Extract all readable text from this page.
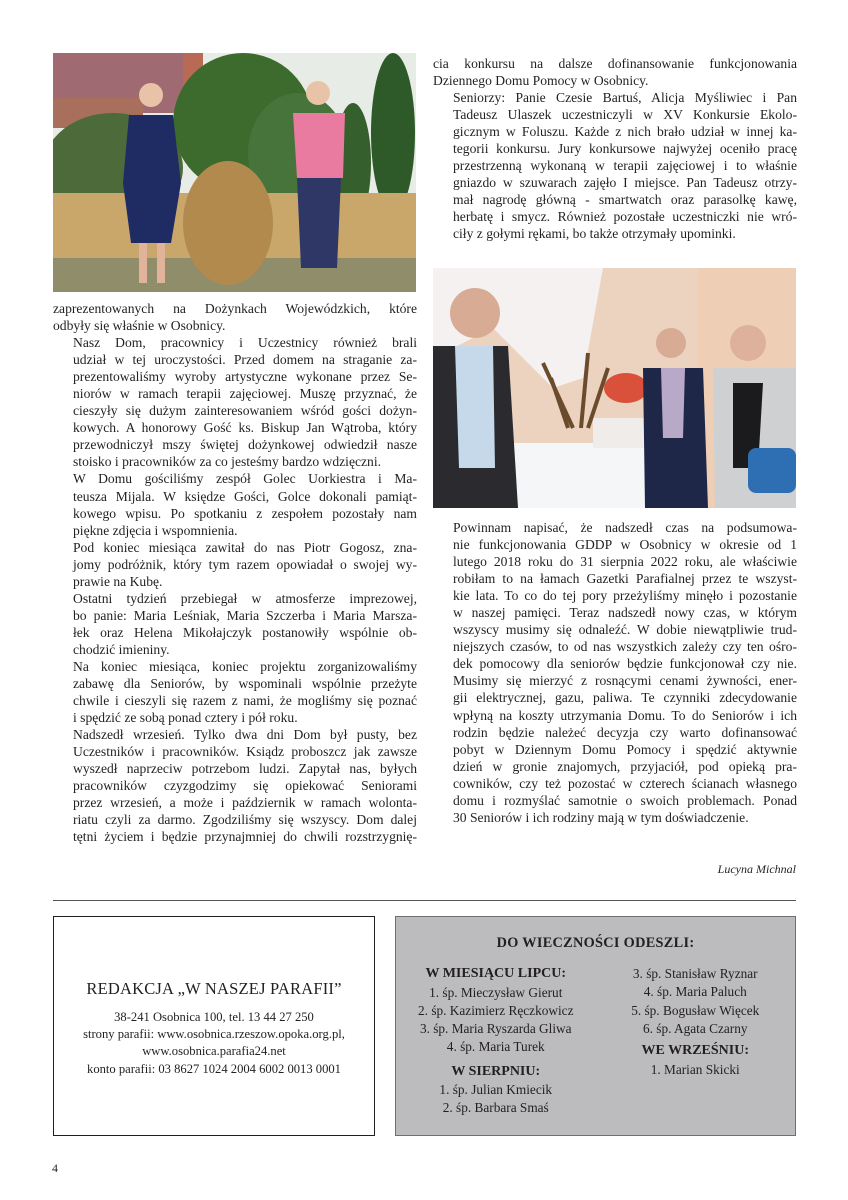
cia konkursu na dalsze dofinansowanie funkcjonowania
Dziennego Domu Pomocy w Osobnicy.

Seniorzy: Panie Czesie Bartuś, Alicja Myśliwiec i Pan
Tadeusz Ulaszek uczestniczyli w XV Konkursie Ekolo-
gicznym w Foluszu. Każde z nich brało udział w innej ka-
tegorii konkursu. Jury konkursowe najwyżej oceniło pracę
przestrzenną wykonaną w terapii zajęciowej i to właśnie
gniazdo w szuwarach zajęło I miejsce. Pan Tadeusz otrzy-
mał nagrodę główną - smartwatch oraz parasolkę kawę,
herbatę i smycz. Również pozostałe uczestniczki nie wró-
ciły z gołymi rękami, bo także otrzymały upominki.

zaprezentowanych na Dożynkach Wojewódzkich, które
odbyły się właśnie w Osobnicy.

Nasz Dom, pracownicy i Uczestnicy również brali
udział w tej uroczystości. Przed domem na straganie za-
prezentowaliśmy wyroby artystyczne wykonane przez Se-
niorów w ramach terapii zajęciowej. Muszę przyznać, że
cieszyły się dużym zainteresowaniem wśród gości dożyn-
kowych. A honorowy Gość ks. Biskup Jan Wątroba, który
przewodniczył mszy świętej dożynkowej odwiedził nasze
stoisko i pracowników za co jesteśmy bardzo wdzięczni.

W Domu gościliśmy zespół Golec Uorkiestra i Ma-
teusza Mijala. W księdze Gości, Golce dokonali pamiąt-
kowego wpisu. Po spotkaniu z zespołem pozostały nam
piękne zdjęcia i wspomnienia.

Pod koniec miesiąca zawitał do nas Piotr Gogosz, zna-
jomy podróżnik, który tym razem opowiadał o swojej wy-
prawie na Kubę.

Ostatni tydzień przebiegał w atmosferze imprezowej,
bo panie: Maria Leśniak, Maria Szczerba i Maria Marsza-
łek oraz Helena Mikołajczyk postanowiły wspólnie ob-
chodzić imieniny.

Na koniec miesiąca, koniec projektu zorganizowaliśmy
zabawę dla Seniorów, by wspominali wspólnie przeżyte
chwile i cieszyli się razem z nami, że mogliśmy się poznać
i spędzić ze sobą ponad cztery i pół roku.

Nadszedł wrzesień. Tylko dwa dni Dom był pusty, bez
Uczestników i pracowników. Ksiądz proboszcz jak zawsze
wyszedł naprzeciw potrzebom ludzi. Zapytał nas, byłych
pracowników czyzgodzimy się opiekować Seniorami
przez wrzesień, a może i październik w ramach wolonta-
riatu czyli za darmo. Zgodziliśmy się wszyscy. Dom dalej
tętni życiem i będzie przynajmniej do chwili rozstrzygnię-

Powinnam napisać, że nadszedł czas na podsumowa-
nie funkcjonowania GDDP w Osobnicy w okresie od 1
lutego 2018 roku do 31 sierpnia 2022 roku, ale właściwie
robiłam to na łamach Gazetki Parafialnej przez te wszyst-
kie lata. To co do tej pory przeżyliśmy minęło i pozostanie
w naszej pamięci. Teraz nadszedł nowy czas, w którym
wszyscy musimy się odnaleźć. W dobie niewątpliwie trud-
niejszych czasów, to od nas wszystkich zależy czy ten ośro-
dek pomocowy dla seniorów będzie funkcjonował czy nie.
Musimy się mierzyć z rosnącymi cenami żywności, ener-
gii elektrycznej, gazu, paliwa. Te czynniki zdecydowanie
wpłyną na koszty utrzymania Domu. To do Seniorów i ich
rodzin będzie należeć decyzja czy warto dofinansować
pobyt w Dziennym Domu Pomocy i spędzić aktywnie
dzień w gronie znajomych, przyjaciół, pod opieką pra-
cowników, czy też pozostać w czterech ścianach własnego
domu i rozmyślać samotnie o swoich problemach. Ponad
30 Seniorów i ich rodziny mają w tym doświadczenie.

Lucyna Michnal
REDAKCJA „W NASZEJ PARAFII”
38-241 Osobnica 100, tel. 13 44 27 250
strony parafii: www.osobnica.rzeszow.opoka.org.pl,
www.osobnica.parafia24.net
konto parafii: 03 8627 1024 2004 6002 0013 0001
DO WIECZNOŚCI ODESZLI:
W MIESIĄCU LIPCU:
1. śp. Mieczysław Gierut
2. śp. Kazimierz Ręczkowicz
3. śp. Maria Ryszarda Gliwa
4. śp. Maria Turek
W SIERPNIU:
1. śp. Julian Kmiecik
2. śp. Barbara Smaś
3. śp. Stanisław Ryznar
4. śp. Maria Paluch
5. śp. Bogusław Więcek
6. śp. Agata Czarny
WE WRZEŚNIU:
1. Marian Skicki
4
